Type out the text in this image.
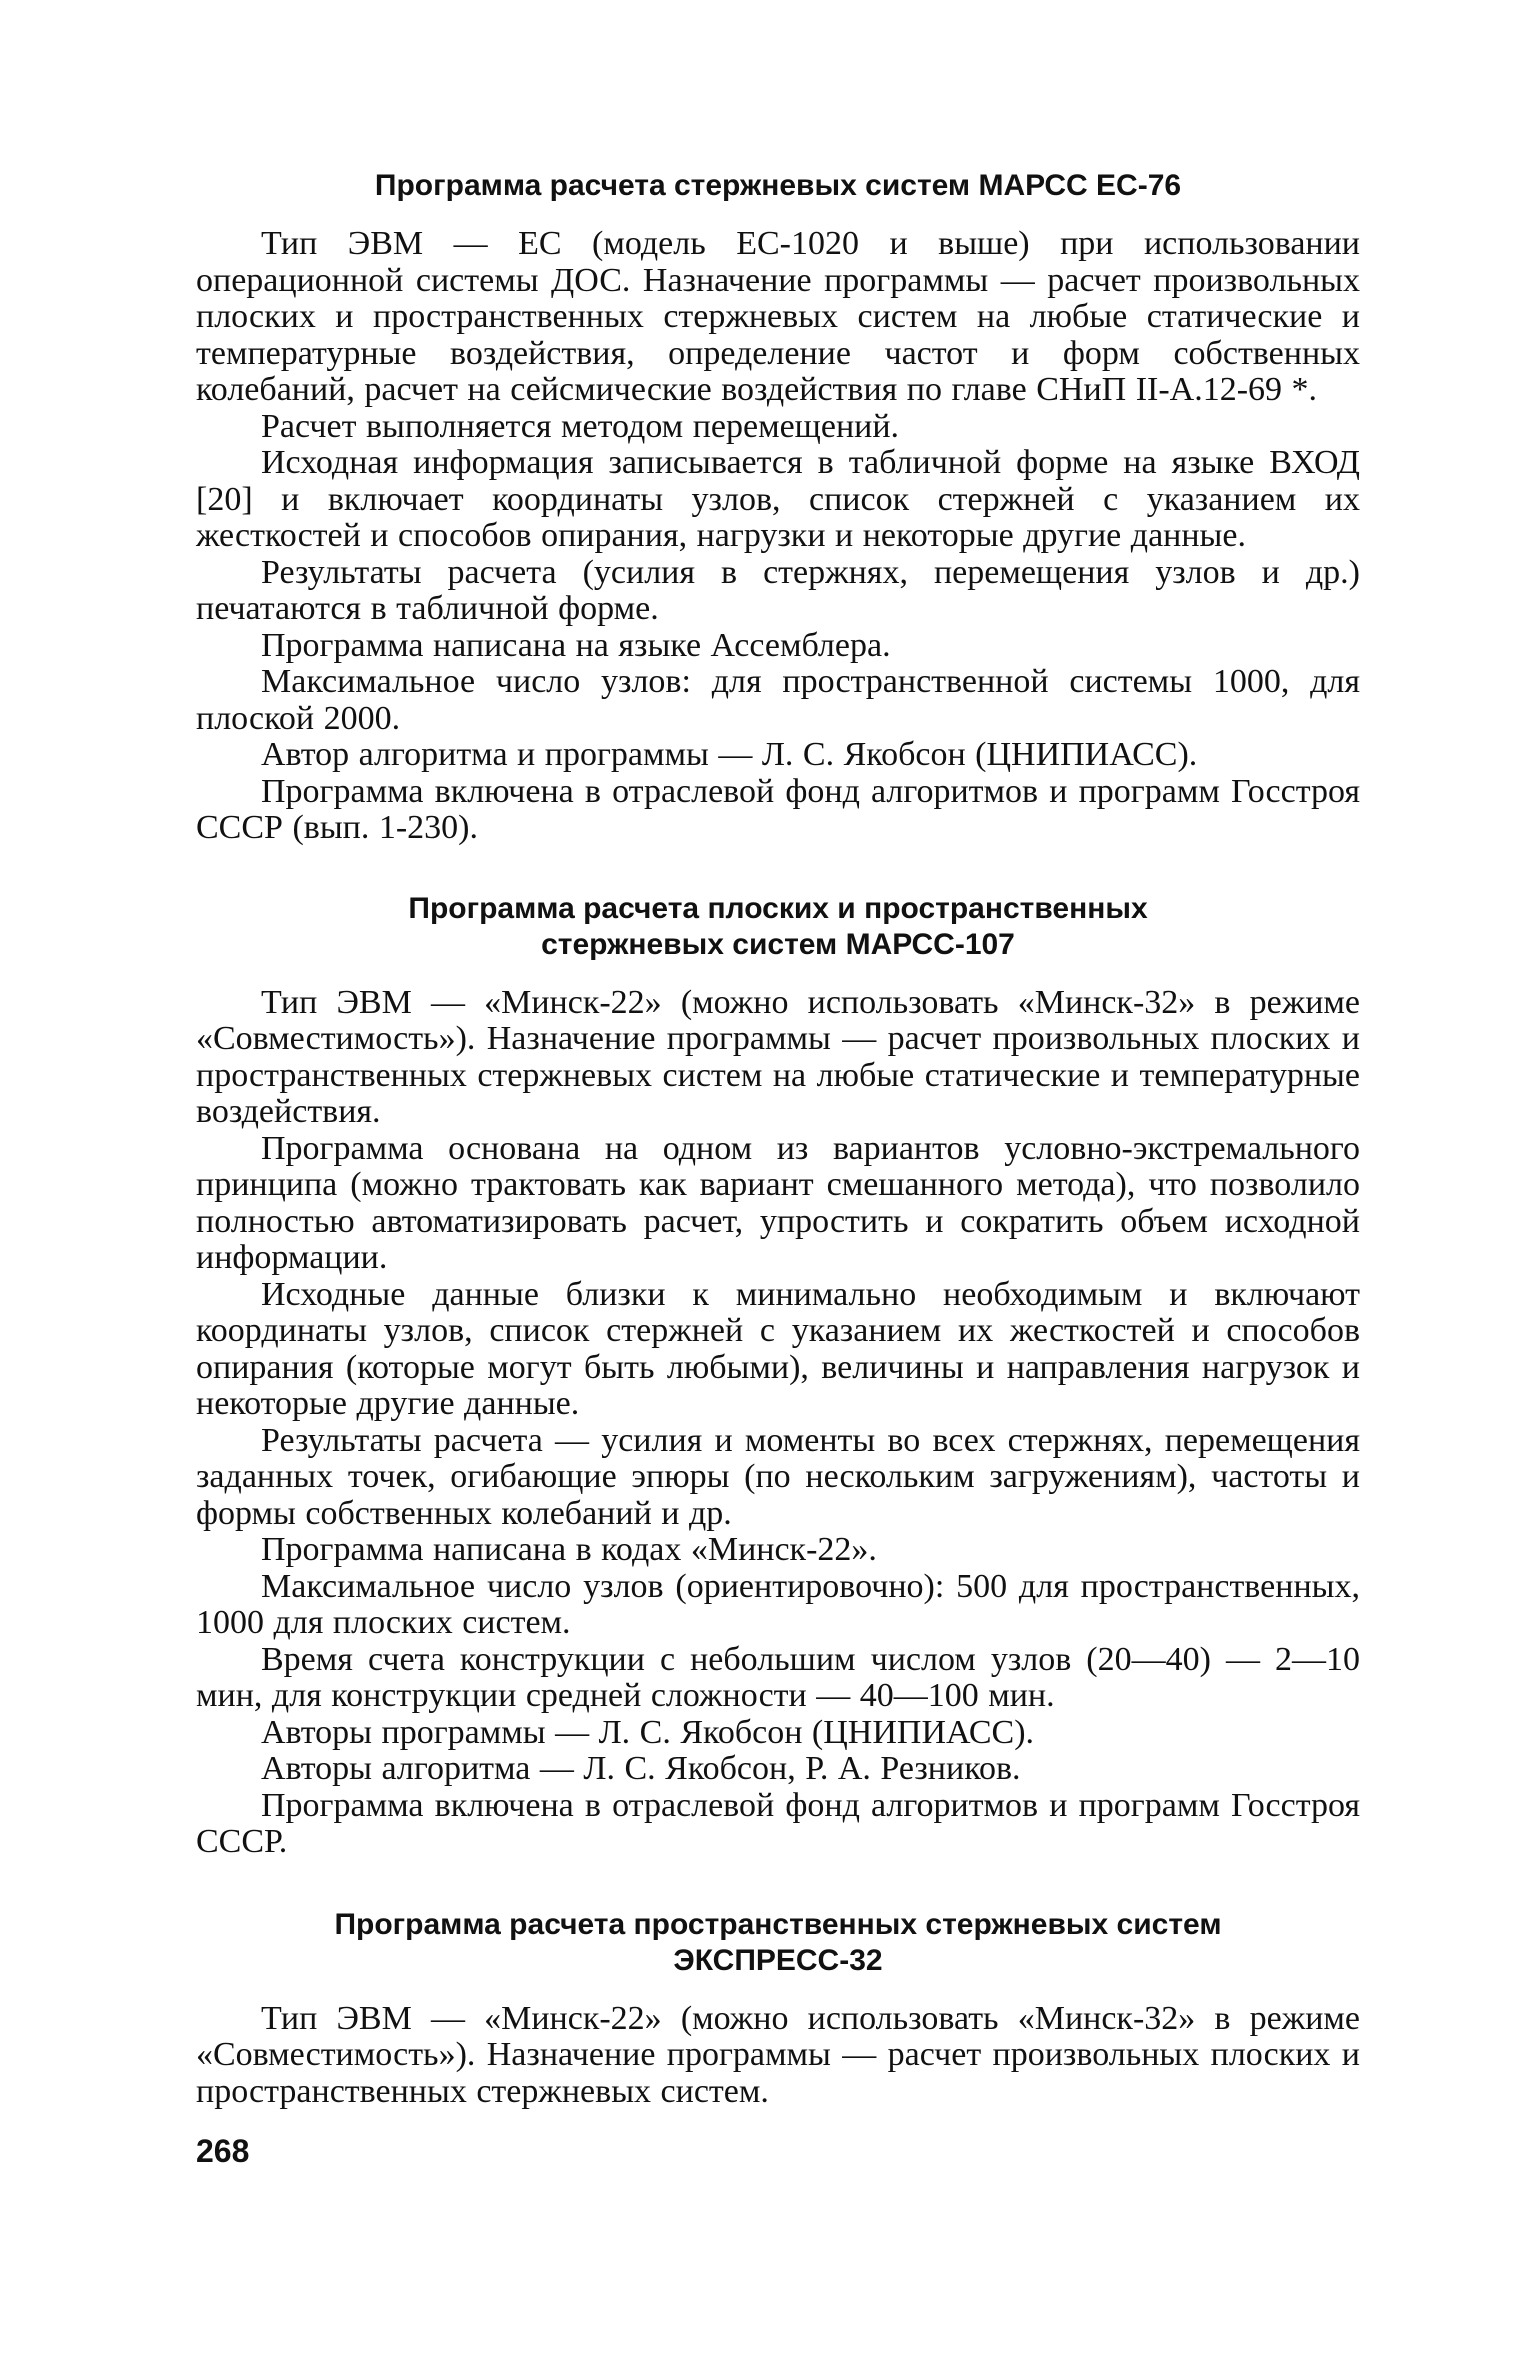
Программа расчета стержневых систем МАРСС ЕС-76

Тип ЭВМ — ЕС (модель ЕС-1020 и выше) при использовании операционной системы ДОС. Назначение программы — расчет произвольных плоских и пространственных стержневых систем на любые статические и температурные воздействия, определение частот и форм собственных колебаний, расчет на сейсмические воздействия по главе СНиП II-А.12-69 *.

Расчет выполняется методом перемещений.

Исходная информация записывается в табличной форме на языке ВХОД [20] и включает координаты узлов, список стержней с указанием их жесткостей и способов опирания, нагрузки и некоторые другие данные.

Результаты расчета (усилия в стержнях, перемещения узлов и др.) печатаются в табличной форме.

Программа написана на языке Ассемблера.

Максимальное число узлов: для пространственной системы 1000, для плоской 2000.

Автор алгоритма и программы — Л. С. Якобсон (ЦНИПИАСС).

Программа включена в отраслевой фонд алгоритмов и программ Госстроя СССР (вып. 1-230).

Программа расчета плоских и пространственных
стержневых систем МАРСС-107

Тип ЭВМ — «Минск-22» (можно использовать «Минск-32» в режиме «Совместимость»). Назначение программы — расчет произвольных плоских и пространственных стержневых систем на любые статические и температурные воздействия.

Программа основана на одном из вариантов условно-экстремального принципа (можно трактовать как вариант смешанного метода), что позволило полностью автоматизировать расчет, упростить и сократить объем исходной информации.

Исходные данные близки к минимально необходимым и включают координаты узлов, список стержней с указанием их жесткостей и способов опирания (которые могут быть любыми), величины и направления нагрузок и некоторые другие данные.

Результаты расчета — усилия и моменты во всех стержнях, перемещения заданных точек, огибающие эпюры (по нескольким загружениям), частоты и формы собственных колебаний и др.

Программа написана в кодах «Минск-22».

Максимальное число узлов (ориентировочно): 500 для пространственных, 1000 для плоских систем.

Время счета конструкции с небольшим числом узлов (20—40) — 2—10 мин, для конструкции средней сложности — 40—100 мин.

Авторы программы — Л. С. Якобсон (ЦНИПИАСС).

Авторы алгоритма — Л. С. Якобсон, Р. А. Резников.

Программа включена в отраслевой фонд алгоритмов и программ Госстроя СССР.

Программа расчета пространственных стержневых систем
ЭКСПРЕСС-32

Тип ЭВМ — «Минск-22» (можно использовать «Минск-32» в режиме «Совместимость»). Назначение программы — расчет произвольных плоских и пространственных стержневых систем.

268
